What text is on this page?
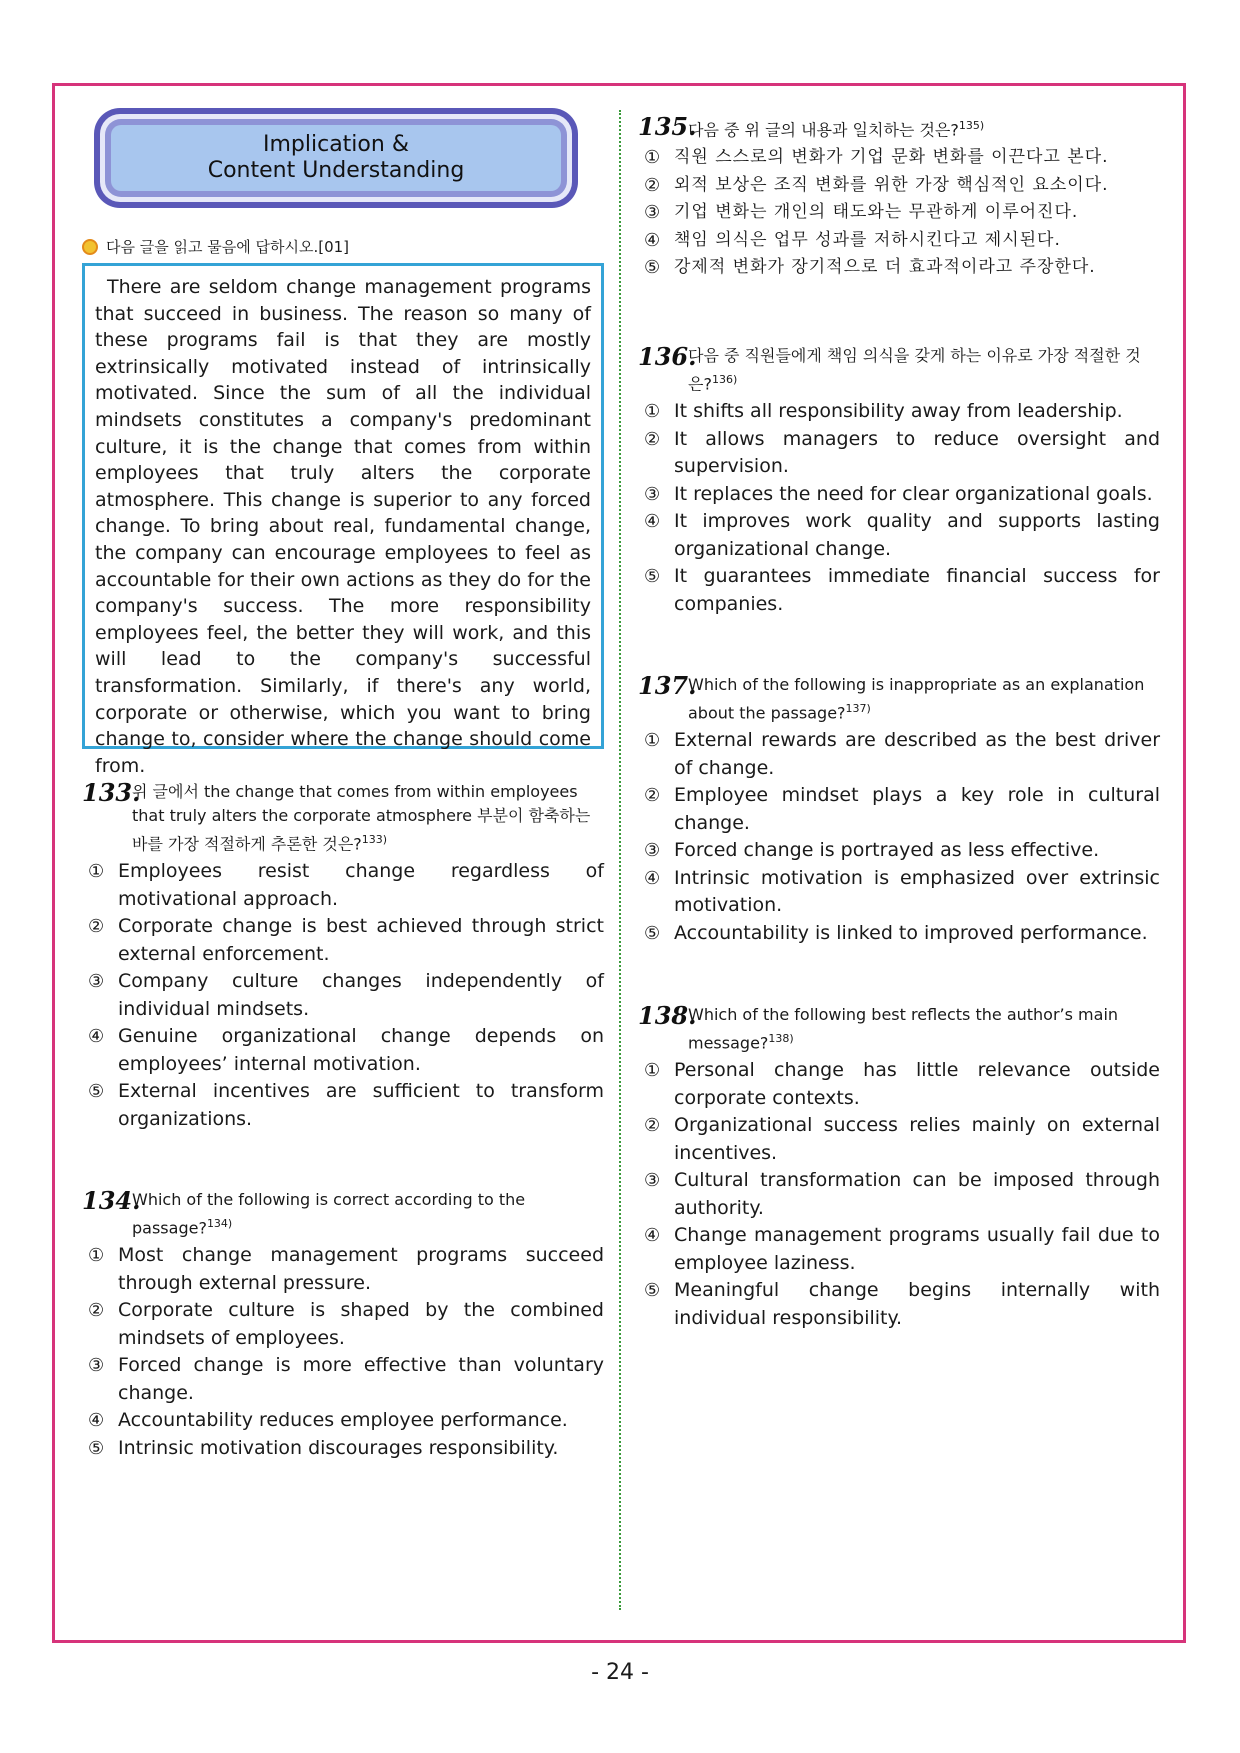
Implication &
Content Understanding
다음 글을 읽고 물음에 답하시오.[01]
There are seldom change management programs that succeed in business. The reason so many of these programs fail is that they are mostly extrinsically motivated instead of intrinsically motivated. Since the sum of all the individual mindsets constitutes a company's predominant culture, it is the change that comes from within employees that truly alters the corporate atmosphere. This change is superior to any forced change. To bring about real, fundamental change, the company can encourage employees to feel as accountable for their own actions as they do for the company's success. The more responsibility employees feel, the better they will work, and this will lead to the company's successful transformation. Similarly, if there's any world, corporate or otherwise, which you want to bring change to, consider where the change should come from.
133.
위 글에서 the change that comes from within employees that truly alters the corporate atmosphere 부분이 함축하는 바를 가장 적절하게 추론한 것은?$^{133)}$
① Employees resist change regardless of motivational approach.
② Corporate change is best achieved through strict external enforcement.
③ Company culture changes independently of individual mindsets.
④ Genuine organizational change depends on employees’ internal motivation.
⑤ External incentives are sufficient to transform organizations.
134.
Which of the following is correct according to the passage?$^{134)}$
① Most change management programs succeed through external pressure.
② Corporate culture is shaped by the combined mindsets of employees.
③ Forced change is more effective than voluntary change.
④ Accountability reduces employee performance.
⑤ Intrinsic motivation discourages responsibility.
135.
다음 중 위 글의 내용과 일치하는 것은?$^{135)}$
① 직원 스스로의 변화가 기업 문화 변화를 이끈다고 본다.
② 외적 보상은 조직 변화를 위한 가장 핵심적인 요소이다.
③ 기업 변화는 개인의 태도와는 무관하게 이루어진다.
④ 책임 의식은 업무 성과를 저하시킨다고 제시된다.
⑤ 강제적 변화가 장기적으로 더 효과적이라고 주장한다.
136.
다음 중 직원들에게 책임 의식을 갖게 하는 이유로 가장 적절한 것은?$^{136)}$
① It shifts all responsibility away from leadership.
② It allows managers to reduce oversight and supervision.
③ It replaces the need for clear organizational goals.
④ It improves work quality and supports lasting organizational change.
⑤ It guarantees immediate financial success for companies.
137.
Which of the following is inappropriate as an explanation about the passage?$^{137)}$
① External rewards are described as the best driver of change.
② Employee mindset plays a key role in cultural change.
③ Forced change is portrayed as less effective.
④ Intrinsic motivation is emphasized over extrinsic motivation.
⑤ Accountability is linked to improved performance.
138.
Which of the following best reflects the author’s main message?$^{138)}$
① Personal change has little relevance outside corporate contexts.
② Organizational success relies mainly on external incentives.
③ Cultural transformation can be imposed through authority.
④ Change management programs usually fail due to employee laziness.
⑤ Meaningful change begins internally with individual responsibility.
- 24 -
